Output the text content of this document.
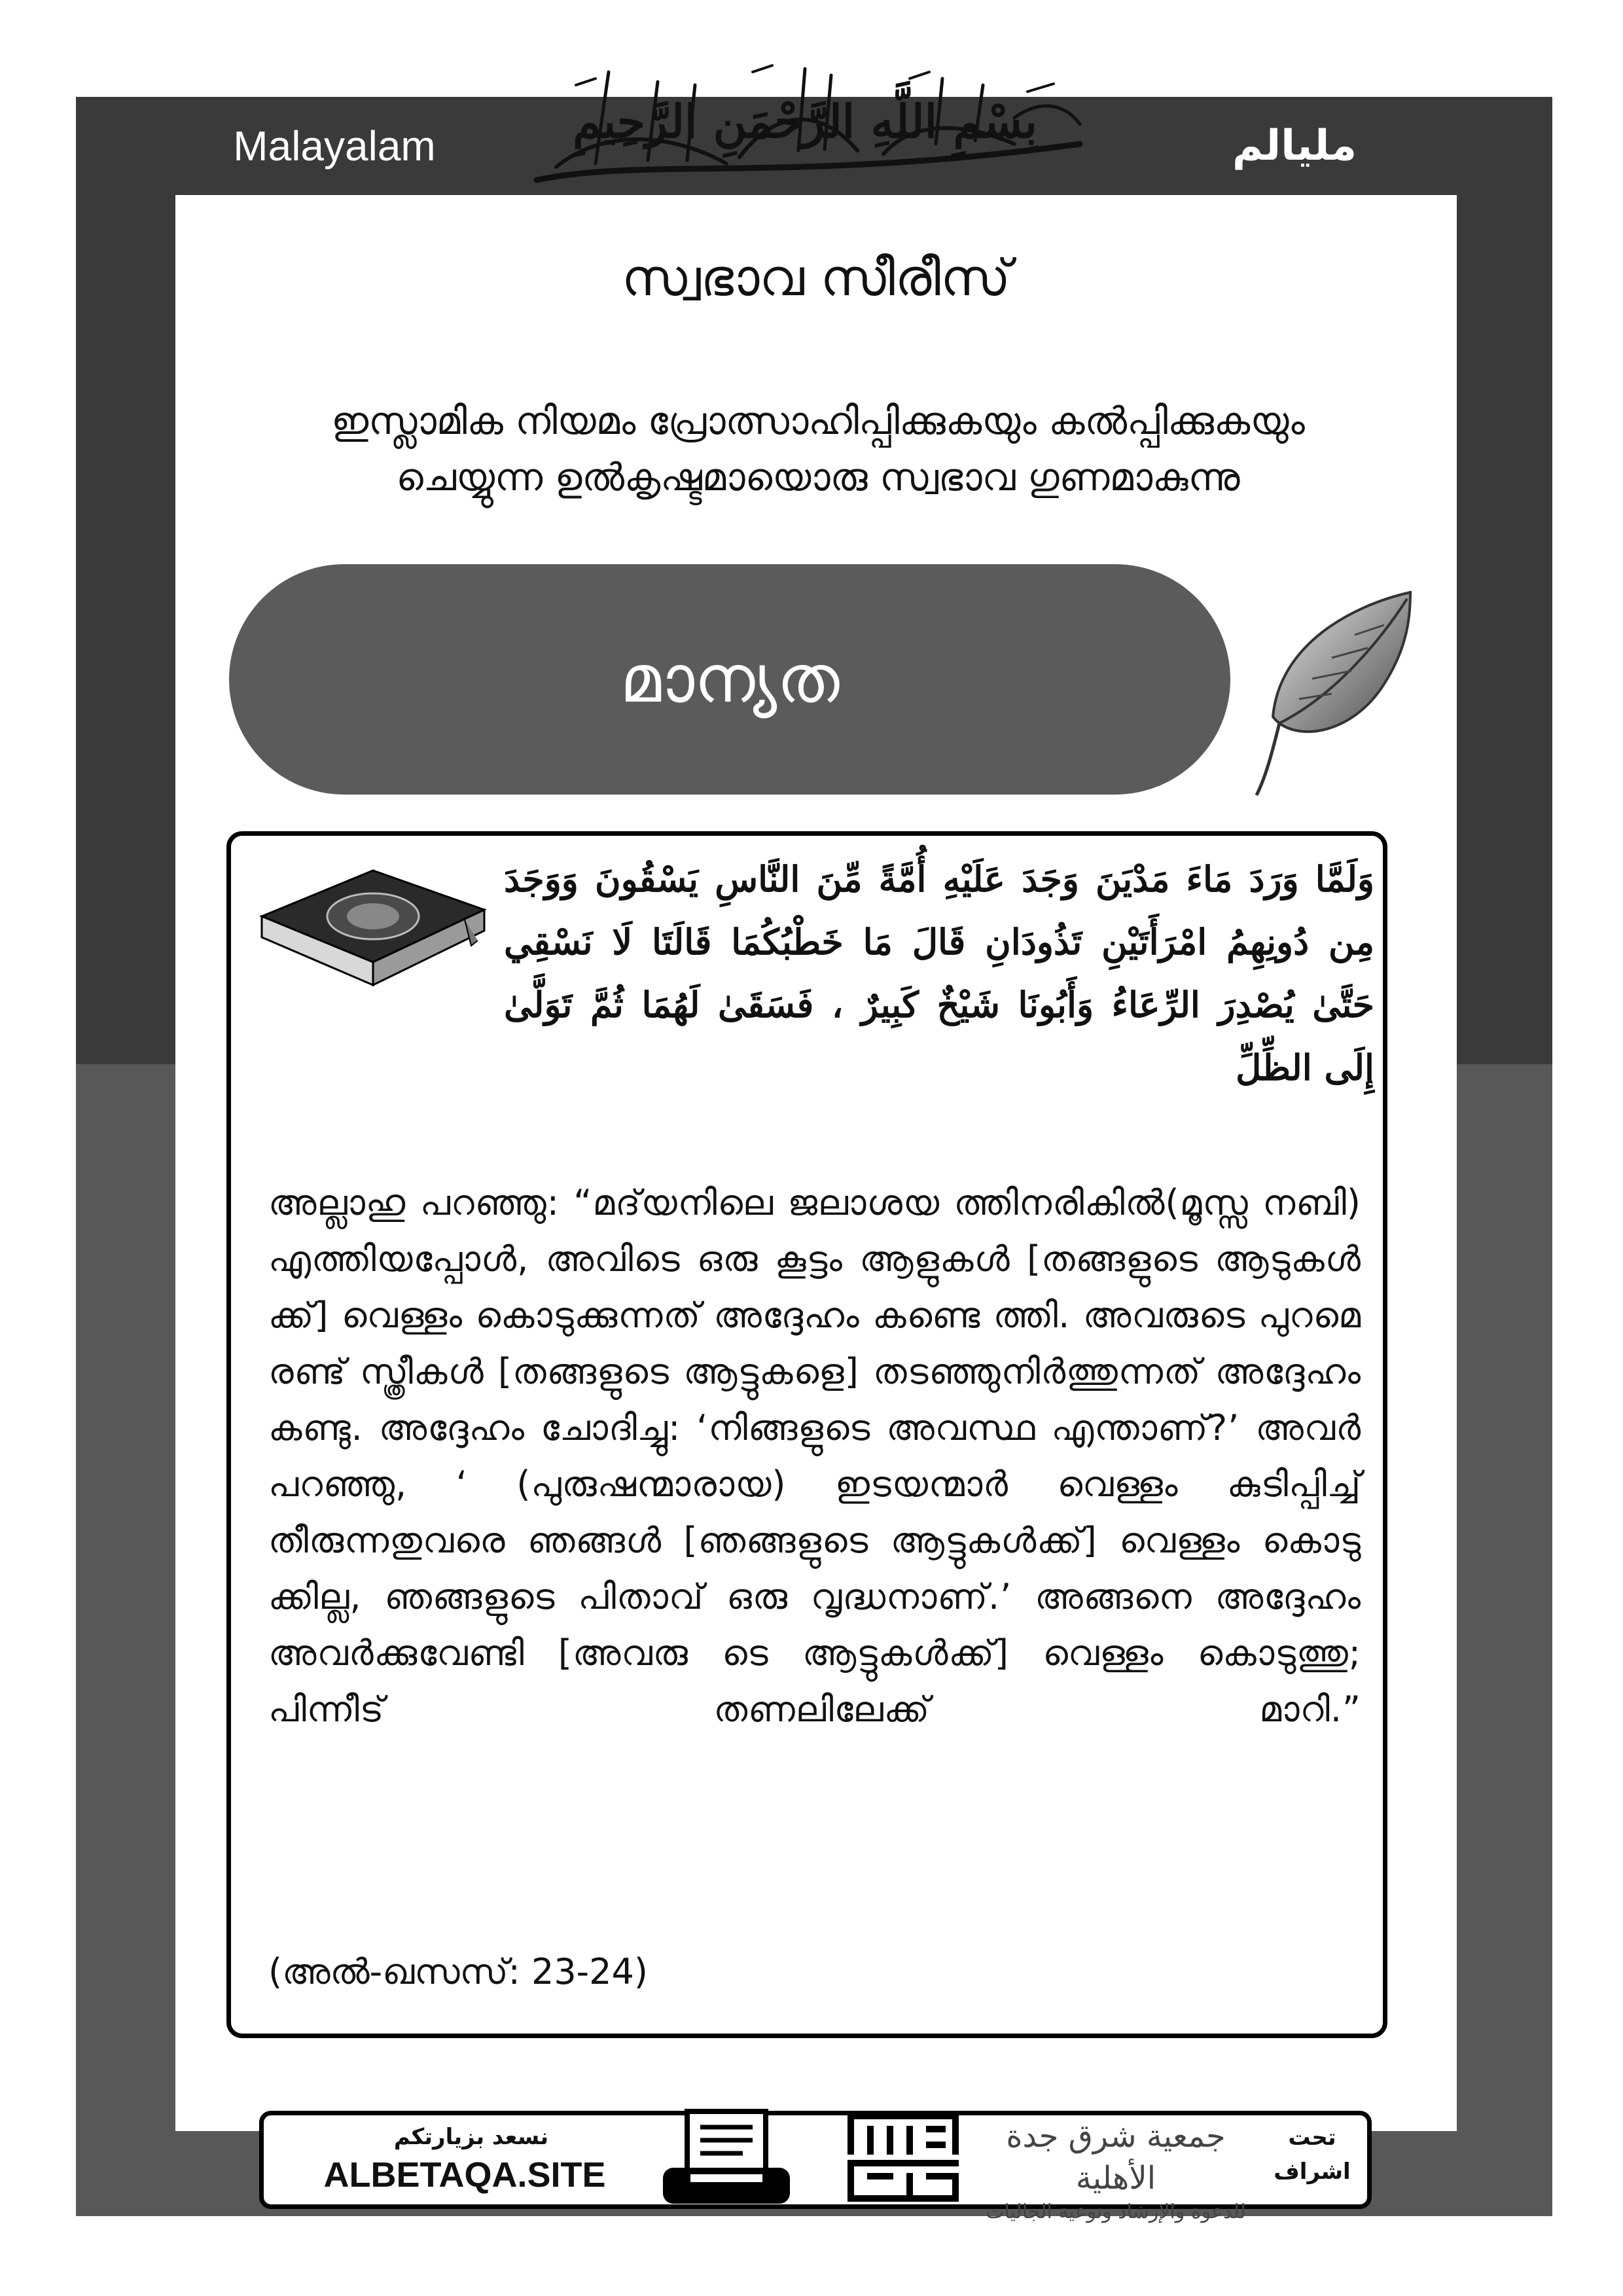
Malayalam	مليالم
بِسْمِ اللَّهِ الرَّحْمَنِ الرَّحِيمِ
സ്വഭാവ സീരീസ്
ഇസ്ലാമിക നിയമം പ്രോത്സാഹിപ്പിക്കുകയും കൽപ്പിക്കുകയും
ചെയ്യുന്ന ഉൽകൃഷ്ടമായൊരു സ്വഭാവ ഗുണമാകുന്നു
മാന്യത
وَلَمَّا وَرَدَ مَاءَ مَدْيَنَ وَجَدَ عَلَيْهِ أُمَّةً مِّنَ النَّاسِ يَسْقُونَ وَوَجَدَ مِن دُونِهِمُ امْرَأَتَيْنِ تَذُودَانِ قَالَ مَا خَطْبُكُمَا قَالَتَا لَا نَسْقِي حَتَّىٰ يُصْدِرَ الرِّعَاءُ وَأَبُونَا شَيْخٌ كَبِيرٌ ، فَسَقَىٰ لَهُمَا ثُمَّ تَوَلَّىٰ إِلَى الظِّلِّ
അല്ലാഹു പറഞ്ഞു: “മദ്‌യനിലെ ജലാശയ ത്തിനരികിൽ(മൂസ്സ നബി) എത്തിയപ്പോൾ, അവിടെ ഒരു കൂട്ടം ആളുകൾ [തങ്ങളുടെ ആടുകൾ ക്ക്] വെള്ളം കൊടുക്കുന്നത് അദ്ദേഹം കണ്ടെ ത്തി. അവരുടെ പുറമെ രണ്ട് സ്ത്രീകൾ [തങ്ങളുടെ ആട്ടുകളെ] തടഞ്ഞുനിർത്തുന്നത് അദ്ദേഹം കണ്ടു. അദ്ദേഹം ചോദിച്ചു: ‘നിങ്ങളുടെ അവസ്ഥ എന്താണ്?’ അവർ പറഞ്ഞു, ‘ (പുരുഷന്മാരായ) ഇടയന്മാർ വെള്ളം കുടിപ്പിച്ച് തീരുന്നതുവരെ ഞങ്ങൾ [ഞങ്ങളുടെ ആട്ടുകൾക്ക്] വെള്ളം കൊടു ക്കില്ല, ഞങ്ങളുടെ പിതാവ് ഒരു വൃദ്ധനാണ്.’ അങ്ങനെ അദ്ദേഹം അവർക്കുവേണ്ടി [അവരു ടെ ആട്ടുകൾക്ക്] വെള്ളം കൊടുത്തു; പിന്നീട് തണലിലേക്ക് മാറി.”
(അൽ-ഖസസ്: 23-24)
نسعد بزيارتكم
ALBETAQA.SITE
الدعوة بالورقة
جمعية شرق جدة الأهلية
للدعوة والإرشاد وتوعية الجاليات
تحت
اشراف
